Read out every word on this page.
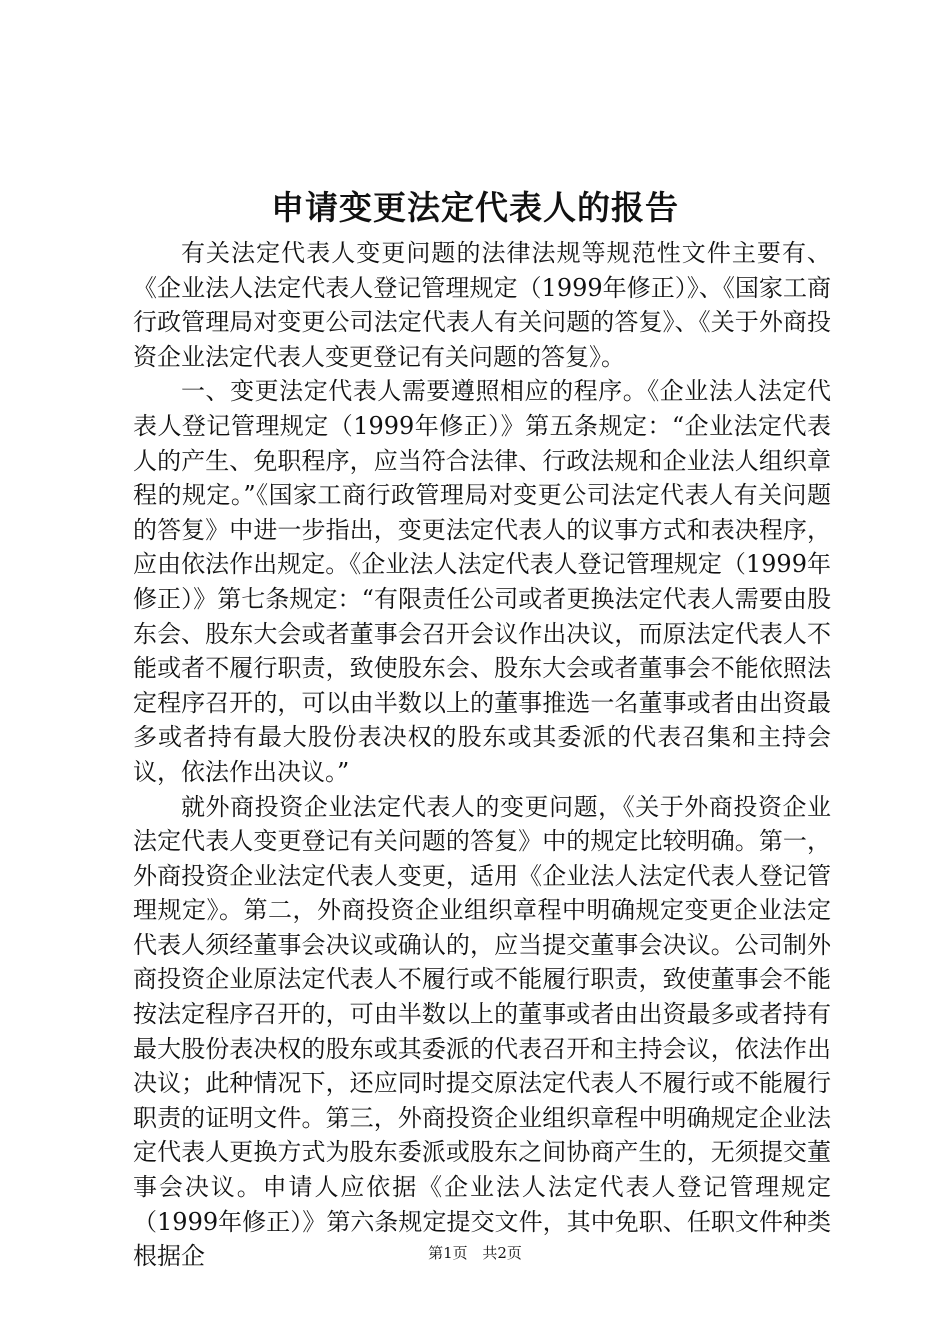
申请变更法定代表人的报告

有关法定代表人变更问题的法律法规等规范性文件主要有、《企业法人法定代表人登记管理规定（1999年修正）》、《国家工商行政管理局对变更公司法定代表人有关问题的答复》、《关于外商投资企业法定代表人变更登记有关问题的答复》。

一、变更法定代表人需要遵照相应的程序。《企业法人法定代表人登记管理规定（1999年修正）》第五条规定：“企业法定代表人的产生、免职程序，应当符合法律、行政法规和企业法人组织章程的规定。”《国家工商行政管理局对变更公司法定代表人有关问题的答复》中进一步指出，变更法定代表人的议事方式和表决程序，应由依法作出规定。《企业法人法定代表人登记管理规定（1999年修正）》第七条规定：“有限责任公司或者更换法定代表人需要由股东会、股东大会或者董事会召开会议作出决议，而原法定代表人不能或者不履行职责，致使股东会、股东大会或者董事会不能依照法定程序召开的，可以由半数以上的董事推选一名董事或者由出资最多或者持有最大股份表决权的股东或其委派的代表召集和主持会议，依法作出决议。”

就外商投资企业法定代表人的变更问题，《关于外商投资企业法定代表人变更登记有关问题的答复》中的规定比较明确。第一，外商投资企业法定代表人变更，适用《企业法人法定代表人登记管理规定》。第二，外商投资企业组织章程中明确规定变更企业法定代表人须经董事会决议或确认的，应当提交董事会决议。公司制外商投资企业原法定代表人不履行或不能履行职责，致使董事会不能按法定程序召开的，可由半数以上的董事或者由出资最多或者持有最大股份表决权的股东或其委派的代表召开和主持会议，依法作出决议；此种情况下，还应同时提交原法定代表人不履行或不能履行职责的证明文件。第三，外商投资企业组织章程中明确规定企业法定代表人更换方式为股东委派或股东之间协商产生的，无须提交董事会决议。申请人应依据《企业法人法定代表人登记管理规定（1999年修正）》第六条规定提交文件，其中免职、任职文件种类根据企	第1页 共2页
